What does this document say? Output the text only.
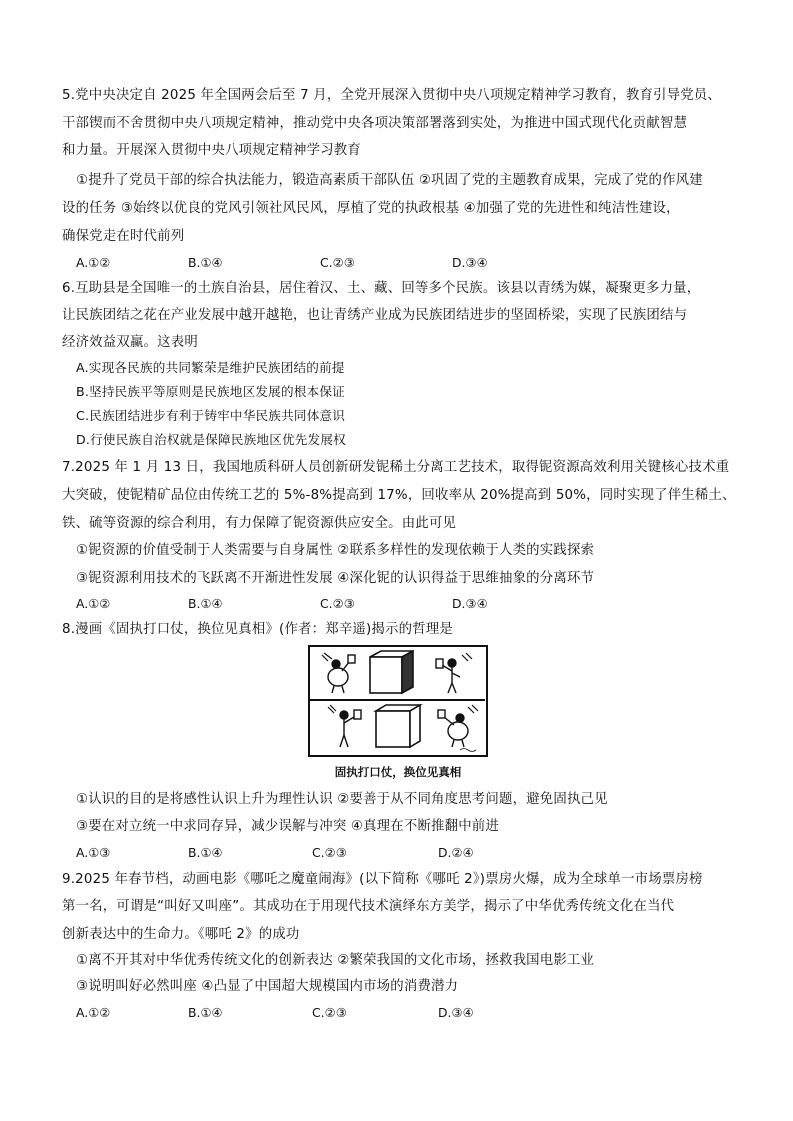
5.党中央决定自 2025 年全国两会后至 7 月，全党开展深入贯彻中央八项规定精神学习教育，教育引导党员、
干部锲而不舍贯彻中央八项规定精神，推动党中央各项决策部署落到实处，为推进中国式现代化贡献智慧
和力量。开展深入贯彻中央八项规定精神学习教育
①提升了党员干部的综合执法能力，锻造高素质干部队伍 ②巩固了党的主题教育成果，完成了党的作风建
设的任务 ③始终以优良的党风引领社风民风，厚植了党的执政根基 ④加强了党的先进性和纯洁性建设，
确保党走在时代前列
A.①②	B.①④	C.②③	D.③④
6.互助县是全国唯一的土族自治县，居住着汉、土、藏、回等多个民族。该县以青绣为媒，凝聚更多力量，
让民族团结之花在产业发展中越开越艳，也让青绣产业成为民族团结进步的坚固桥梁，实现了民族团结与
经济效益双赢。这表明
A.实现各民族的共同繁荣是维护民族团结的前提
B.坚持民族平等原则是民族地区发展的根本保证
C.民族团结进步有利于铸牢中华民族共同体意识
D.行使民族自治权就是保障民族地区优先发展权
7.2025 年 1 月 13 日，我国地质科研人员创新研发铌稀土分离工艺技术，取得铌资源高效利用关键核心技术重
大突破，使铌精矿品位由传统工艺的 5%-8%提高到 17%，回收率从 20%提高到 50%，同时实现了伴生稀土、
铁、硫等资源的综合利用，有力保障了铌资源供应安全。由此可见
①铌资源的价值受制于人类需要与自身属性 ②联系多样性的发现依赖于人类的实践探索
③铌资源利用技术的飞跃离不开渐进性发展 ④深化铌的认识得益于思维抽象的分离环节
A.①②	B.①④	C.②③	D.③④
8.漫画《固执打口仗，换位见真相》(作者：郑辛遥)揭示的哲理是
固执打口仗，换位见真相
①认识的目的是将感性认识上升为理性认识 ②要善于从不同角度思考问题，避免固执己见
③要在对立统一中求同存异，减少误解与冲突 ④真理在不断推翻中前进
A.①③	B.①④	C.②③	D.②④
9.2025 年春节档，动画电影《哪吒之魔童闹海》(以下简称《哪吒 2》)票房火爆，成为全球单一市场票房榜
第一名，可谓是“叫好又叫座”。其成功在于用现代技术演绎东方美学，揭示了中华优秀传统文化在当代
创新表达中的生命力。《哪吒 2》的成功
①离不开其对中华优秀传统文化的创新表达 ②繁荣我国的文化市场，拯救我国电影工业
③说明叫好必然叫座 ④凸显了中国超大规模国内市场的消费潜力
A.①②	B.①④	C.②③	D.③④
